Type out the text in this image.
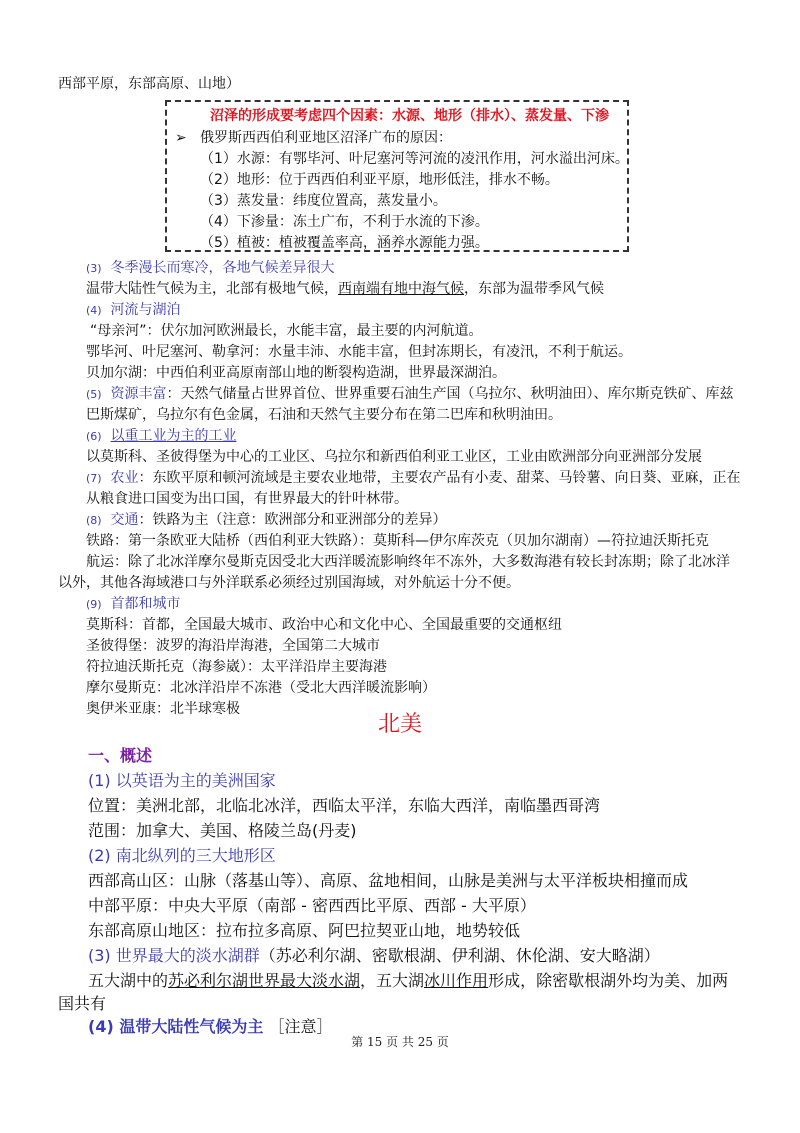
西部平原，东部高原、山地）
沼泽的形成要考虑四个因素：水源、地形（排水）、蒸发量、下渗
➢ 俄罗斯西西伯利亚地区沼泽广布的原因：
（1）水源：有鄂毕河、叶尼塞河等河流的凌汛作用，河水溢出河床。
（2）地形：位于西西伯利亚平原，地形低洼，排水不畅。
（3）蒸发量：纬度位置高，蒸发量小。
（4）下渗量：冻土广布，不利于水流的下渗。
（5）植被：植被覆盖率高，涵养水源能力强。
(3) 冬季漫长而寒冷，各地气候差异很大
温带大陆性气候为主，北部有极地气候，西南端有地中海气候，东部为温带季风气候
(4) 河流与湖泊
“母亲河”：伏尔加河欧洲最长，水能丰富，最主要的内河航道。
鄂毕河、叶尼塞河、勒拿河：水量丰沛、水能丰富，但封冻期长，有凌汛，不利于航运。
贝加尔湖：中西伯利亚高原南部山地的断裂构造湖，世界最深湖泊。
(5) 资源丰富：天然气储量占世界首位、世界重要石油生产国（乌拉尔、秋明油田）、库尔斯克铁矿、库兹
巴斯煤矿，乌拉尔有色金属，石油和天然气主要分布在第二巴库和秋明油田。
(6) 以重工业为主的工业
以莫斯科、圣彼得堡为中心的工业区、乌拉尔和新西伯利亚工业区，工业由欧洲部分向亚洲部分发展
(7) 农业：东欧平原和顿河流域是主要农业地带，主要农产品有小麦、甜菜、马铃薯、向日葵、亚麻，正在
从粮食进口国变为出口国，有世界最大的针叶林带。
(8) 交通：铁路为主（注意：欧洲部分和亚洲部分的差异）
铁路：第一条欧亚大陆桥（西伯利亚大铁路）：莫斯科—伊尔库茨克（贝加尔湖南）—符拉迪沃斯托克
航运：除了北冰洋摩尔曼斯克因受北大西洋暖流影响终年不冻外，大多数海港有较长封冻期；除了北冰洋
以外，其他各海域港口与外洋联系必须经过别国海域，对外航运十分不便。
(9) 首都和城市
莫斯科：首都，全国最大城市、政治中心和文化中心、全国最重要的交通枢纽
圣彼得堡：波罗的海沿岸海港，全国第二大城市
符拉迪沃斯托克（海参崴）：太平洋沿岸主要海港
摩尔曼斯克：北冰洋沿岸不冻港（受北大西洋暖流影响）
奥伊米亚康：北半球寒极
北美
一、概述
(1) 以英语为主的美洲国家
位置：美洲北部，北临北冰洋，西临太平洋，东临大西洋，南临墨西哥湾
范围：加拿大、美国、格陵兰岛(丹麦)
(2) 南北纵列的三大地形区
西部高山区：山脉（落基山等）、高原、盆地相间，山脉是美洲与太平洋板块相撞而成
中部平原：中央大平原（南部 - 密西西比平原、西部 - 大平原）
东部高原山地区：拉布拉多高原、阿巴拉契亚山地，地势较低
(3) 世界最大的淡水湖群（苏必利尔湖、密歇根湖、伊利湖、休伦湖、安大略湖）
五大湖中的苏必利尔湖世界最大淡水湖，五大湖冰川作用形成，除密歇根湖外均为美、加两
国共有
(4) 温带大陆性气候为主 ［注意］
第 15 页 共 25 页
